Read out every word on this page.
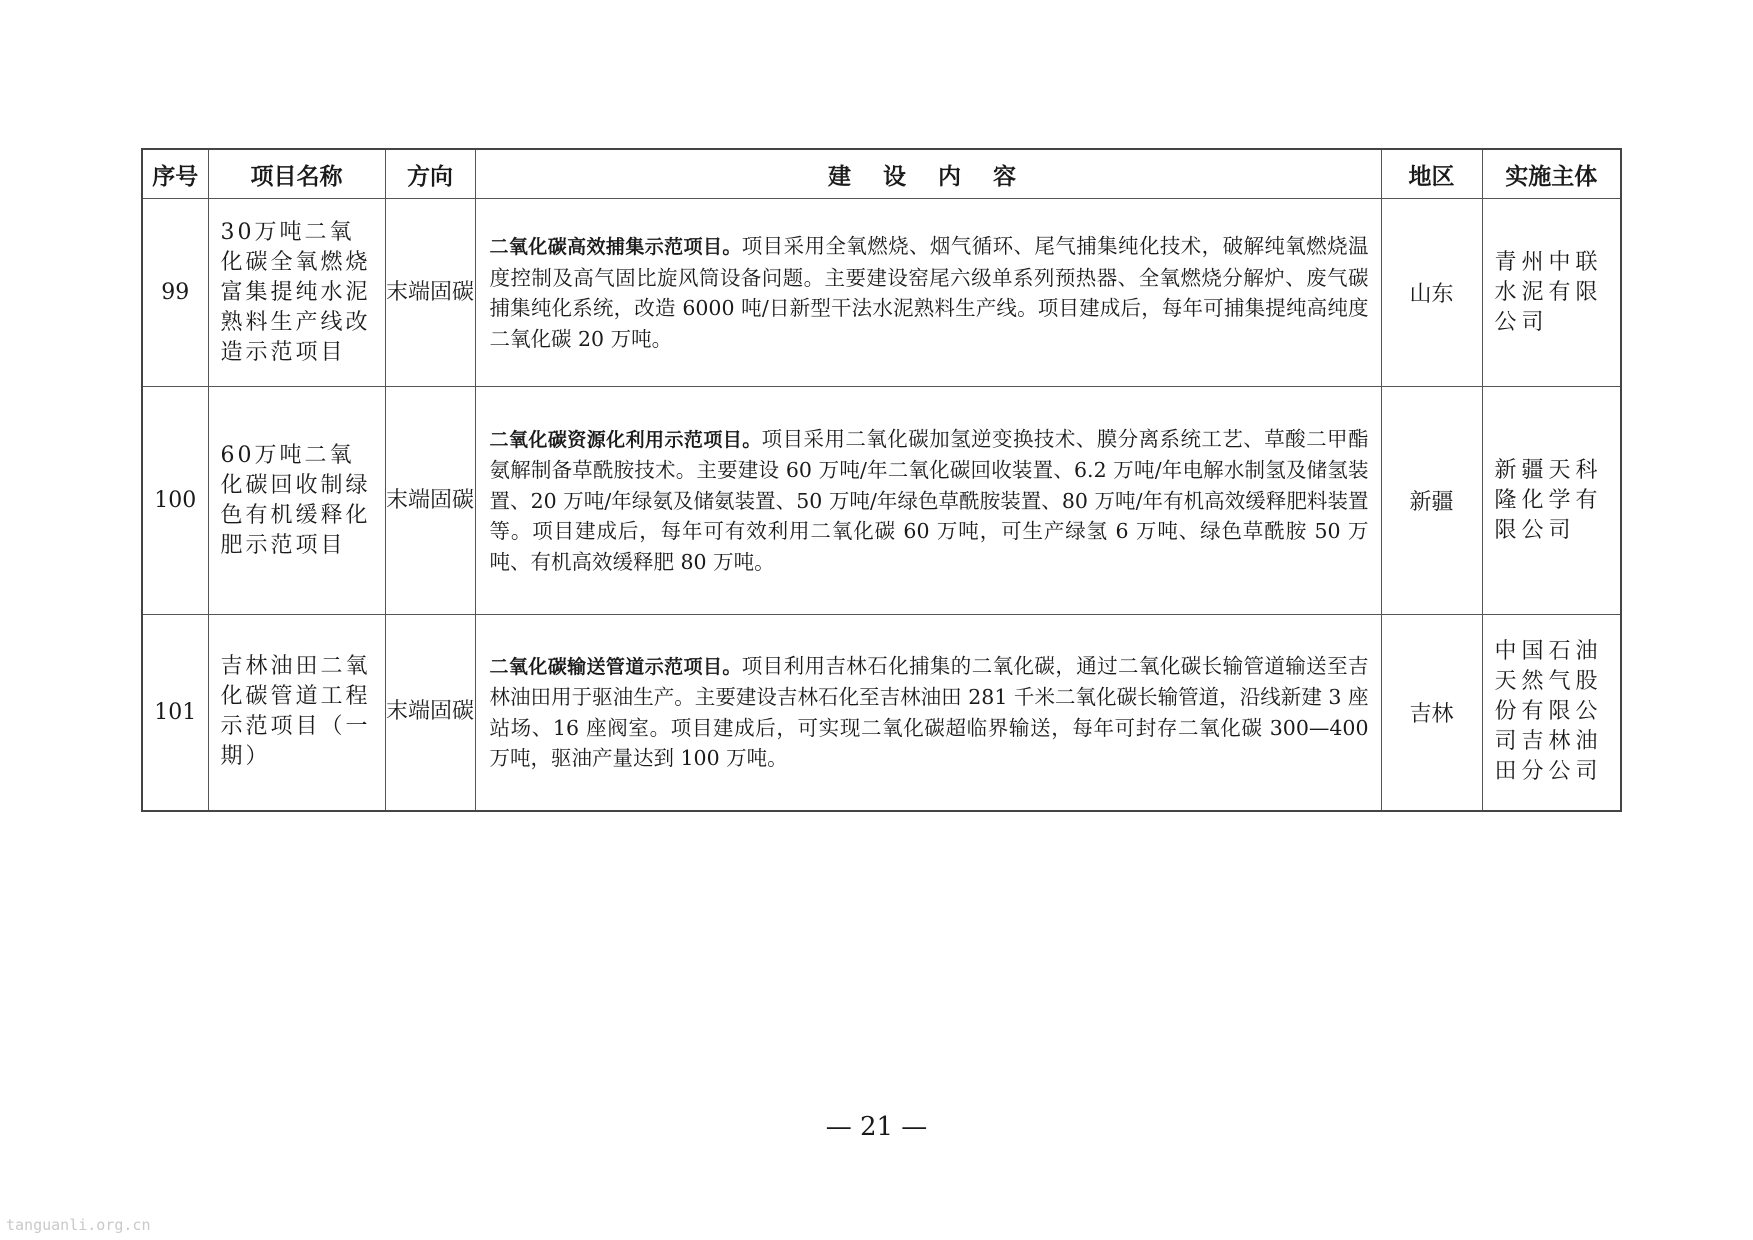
序号	项目名称	方向	建 设 内 容	地区	实施主体
99	30万吨二氧化碳全氧燃烧富集提纯水泥熟料生产线改造示范项目	末端固碳	二氧化碳高效捕集示范项目。项目采用全氧燃烧、烟气循环、尾气捕集纯化技术，破解纯氧燃烧温度控制及高气固比旋风筒设备问题。主要建设窑尾六级单系列预热器、全氧燃烧分解炉、废气碳捕集纯化系统，改造 6000 吨/日新型干法水泥熟料生产线。项目建成后，每年可捕集提纯高纯度二氧化碳 20 万吨。	山东	青州中联水泥有限公司
100	60万吨二氧化碳回收制绿色有机缓释化肥示范项目	末端固碳	二氧化碳资源化利用示范项目。项目采用二氧化碳加氢逆变换技术、膜分离系统工艺、草酸二甲酯氨解制备草酰胺技术。主要建设 60 万吨/年二氧化碳回收装置、6.2 万吨/年电解水制氢及储氢装置、20 万吨/年绿氨及储氨装置、50 万吨/年绿色草酰胺装置、80 万吨/年有机高效缓释肥料装置等。项目建成后，每年可有效利用二氧化碳 60 万吨，可生产绿氢 6 万吨、绿色草酰胺 50 万吨、有机高效缓释肥 80 万吨。	新疆	新疆天科隆化学有限公司
101	吉林油田二氧化碳管道工程示范项目（一期）	末端固碳	二氧化碳输送管道示范项目。项目利用吉林石化捕集的二氧化碳，通过二氧化碳长输管道输送至吉林油田用于驱油生产。主要建设吉林石化至吉林油田 281 千米二氧化碳长输管道，沿线新建 3 座站场、16 座阀室。项目建成后，可实现二氧化碳超临界输送，每年可封存二氧化碳 300—400 万吨，驱油产量达到 100 万吨。	吉林	中国石油天然气股份有限公司吉林油田分公司
— 21 —
tanguanli.org.cn
